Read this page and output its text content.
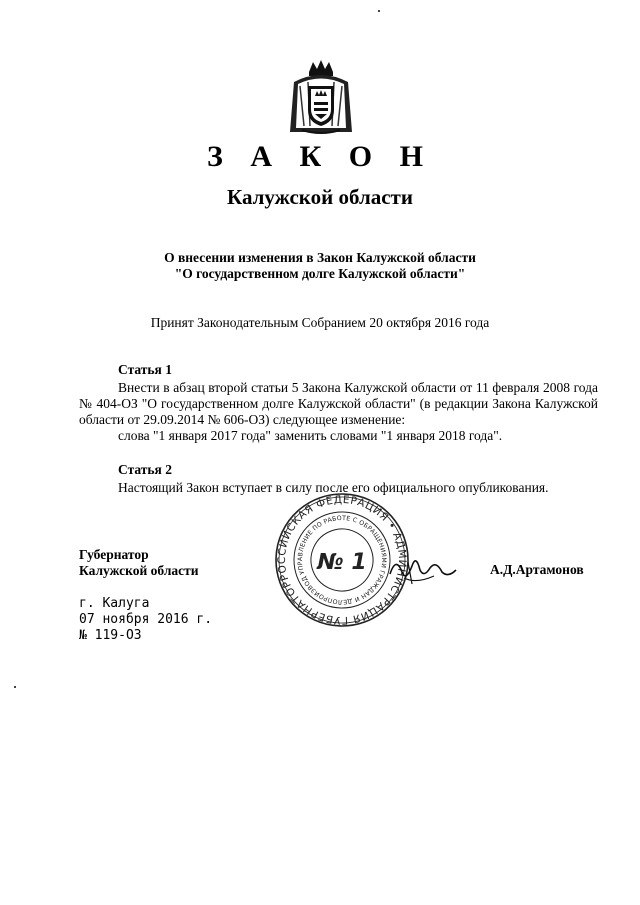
З А К О Н
Калужской области
О внесении изменения в Закон Калужской области
"О государственном долге Калужской области"
Принят Законодательным Собранием 20 октября 2016 года
Статья 1
Внести в абзац второй статьи 5 Закона Калужской области от 11 февраля 2008 года № 404-ОЗ "О государственном долге Калужской области" (в редакции Закона Калужской области от 29.09.2014 № 606-ОЗ) следующее изменение:
слова "1 января 2017 года" заменить словами "1 января 2018 года".
Статья 2
Настоящий Закон вступает в силу после его официального опубликования.
РОССИЙСКАЯ ФЕДЕРАЦИЯ • АДМИНИСТРАЦИЯ ГУБЕРНАТОРА
УПРАВЛЕНИЕ ПО РАБОТЕ С ОБРАЩЕНИЯМИ ГРАЖДАН И ДЕЛОПРОИЗВОДСТВУ
№ 1
Губернатор
Калужской области	А.Д.Артамонов
г. Калуга
07 ноября 2016 г.
№ 119-ОЗ
